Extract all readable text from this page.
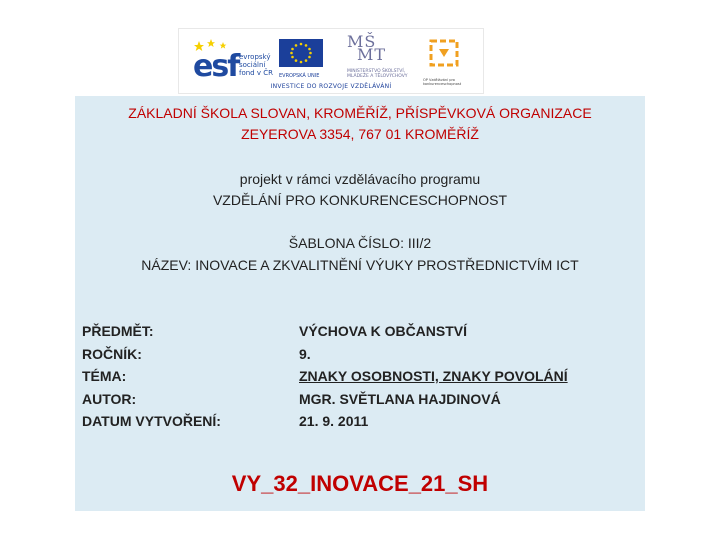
esf evropský
sociální
fond v ČR EVROPSKÁ UNIE
MŠ
MT
MINISTERSTVO ŠKOLSTVÍ, MLÁDEŽE A TĚLOVÝCHOVY
OP Vzdělávání pro konkurenceschopnost
INVESTICE DO ROZVOJE VZDĚLÁVÁNÍ
ZÁKLADNÍ ŠKOLA SLOVAN, KROMĚŘÍŽ, PŘÍSPĚVKOVÁ ORGANIZACE
ZEYEROVA 3354, 767 01 KROMĚŘÍŽ
projekt v rámci vzdělávacího programu
VZDĚLÁNÍ PRO KONKURENCESCHOPNOST
ŠABLONA ČÍSLO: III/2
NÁZEV: INOVACE A ZKVALITNĚNÍ VÝUKY PROSTŘEDNICTVÍM ICT
PŘEDMĚT:
ROČNÍK:
TÉMA:
AUTOR:
DATUM VYTVOŘENÍ:
VÝCHOVA K OBČANSTVÍ
9.
ZNAKY OSOBNOSTI, ZNAKY POVOLÁNÍ
MGR. SVĚTLANA HAJDINOVÁ
21. 9. 2011
VY_32_INOVACE_21_SH
